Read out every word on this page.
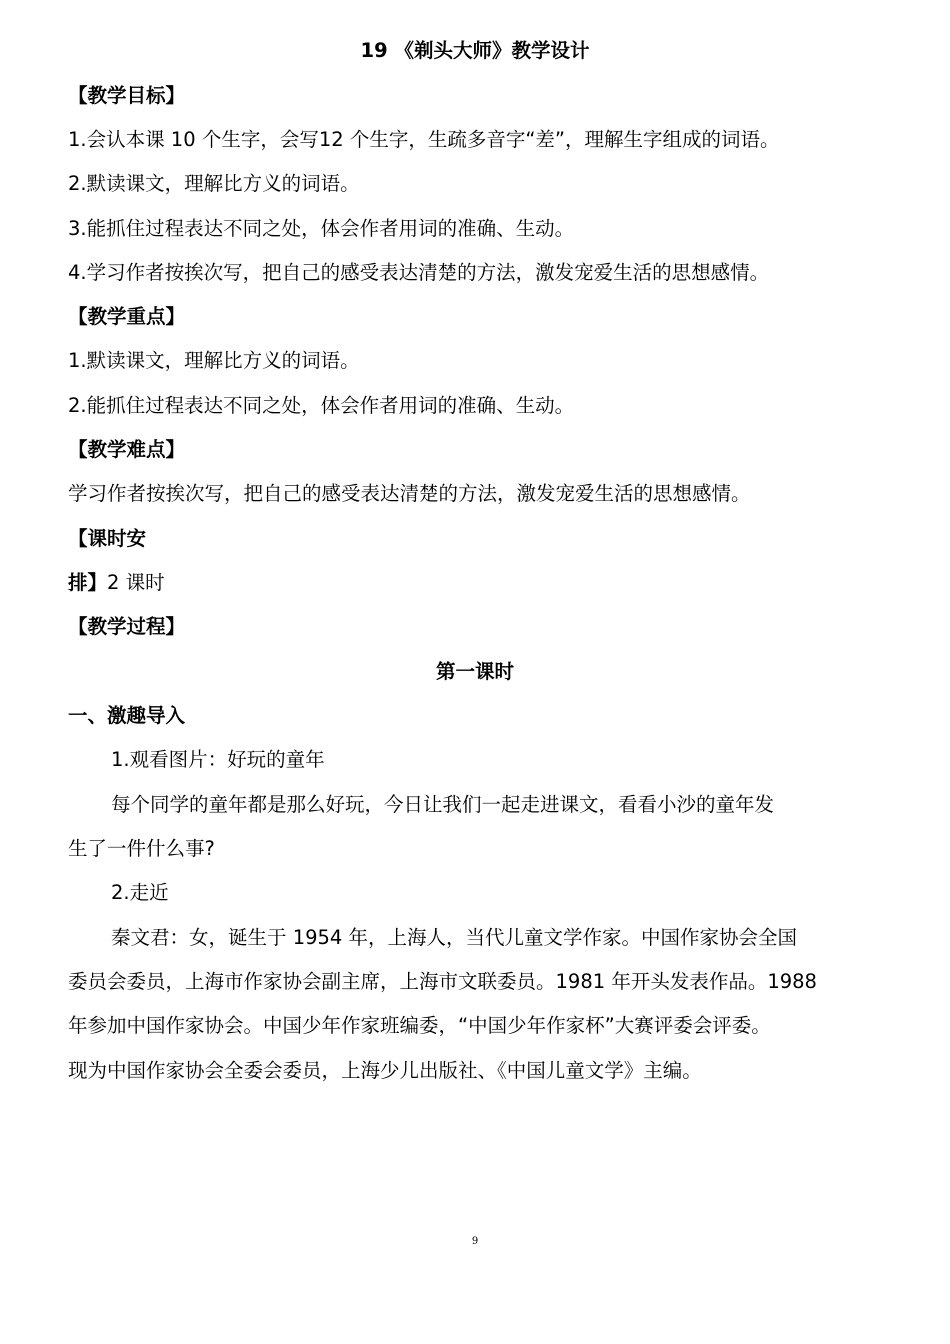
19 《剃头大师》教学设计
【教学目标】
1.会认本课 10 个生字，会写12 个生字，生疏多音字“差”，理解生字组成的词语。
2.默读课文，理解比方义的词语。
3.能抓住过程表达不同之处，体会作者用词的准确、生动。
4.学习作者按挨次写，把自己的感受表达清楚的方法，激发宠爱生活的思想感情。
【教学重点】
1.默读课文，理解比方义的词语。
2.能抓住过程表达不同之处，体会作者用词的准确、生动。
【教学难点】
学习作者按挨次写，把自己的感受表达清楚的方法，激发宠爱生活的思想感情。
【课时安
排】2 课时
【教学过程】
第一课时
一、激趣导入
1.观看图片：好玩的童年
每个同学的童年都是那么好玩，今日让我们一起走进课文，看看小沙的童年发
生了一件什么事?
2.走近
秦文君：女，诞生于 1954 年，上海人，当代儿童文学作家。中国作家协会全国
委员会委员，上海市作家协会副主席，上海市文联委员。1981 年开头发表作品。1988
年参加中国作家协会。中国少年作家班编委，“中国少年作家杯”大赛评委会评委。
现为中国作家协会全委会委员，上海少儿出版社、《中国儿童文学》主编。
9
